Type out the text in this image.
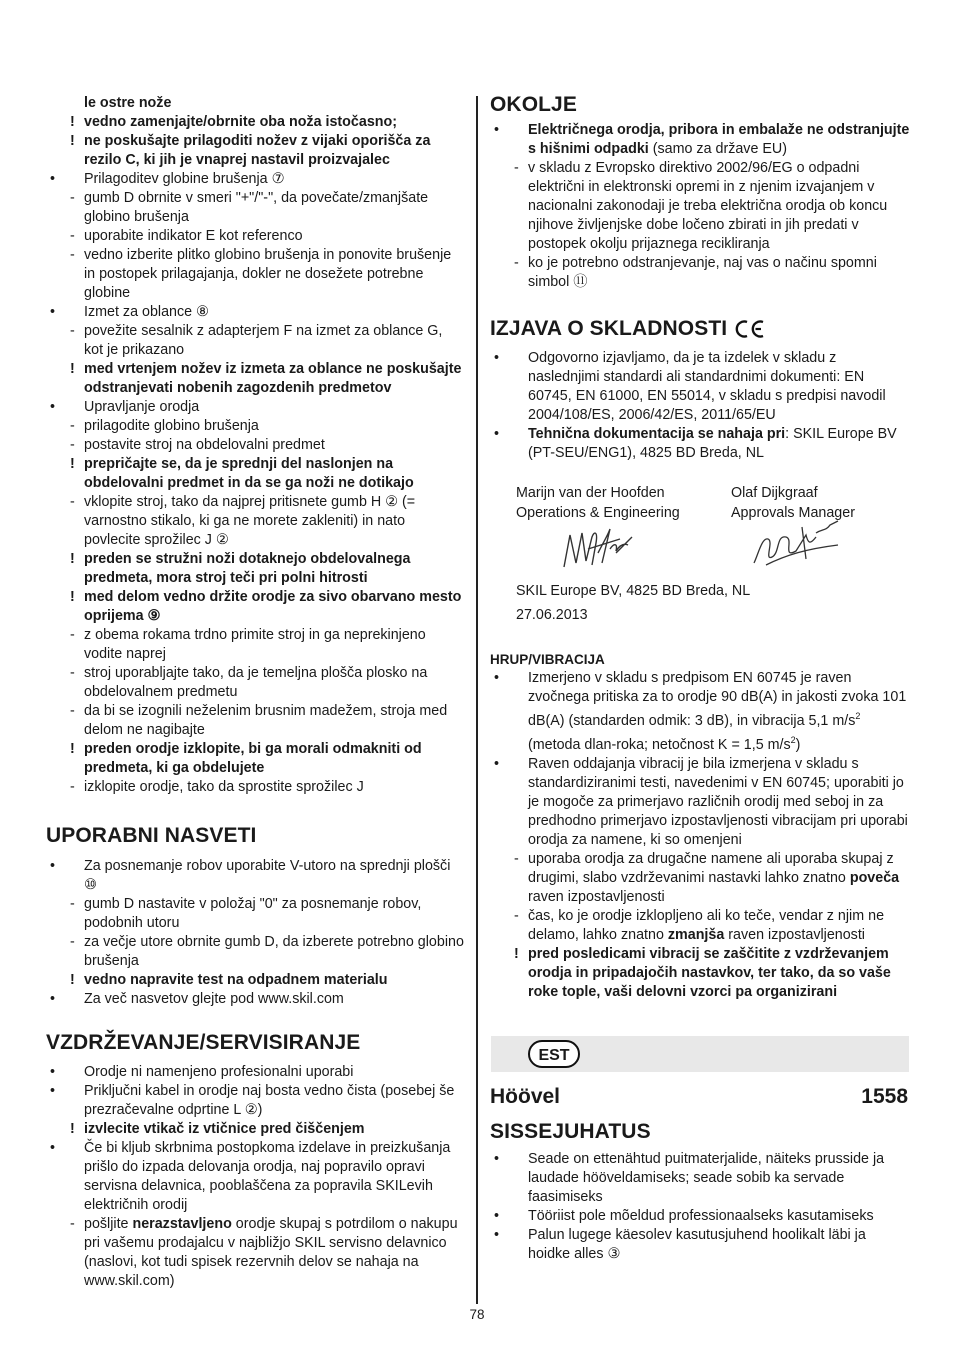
le ostre nože
! vedno zamenjajte/obrnite oba noža istočasno;
! ne poskušajte prilagoditi nožev z vijaki oporišča za rezilo C, ki jih je vnaprej nastavil proizvajalec
•	Prilagoditev globine brušenja ⑦
- gumb D obrnite v smeri "+"/"-", da povečate/zmanjšate globino brušenja
- uporabite indikator E kot referenco
- vedno izberite plitko globino brušenja in ponovite brušenje in postopek prilagajanja, dokler ne dosežete potrebne globine
•	Izmet za oblance ⑧
- povežite sesalnik z adapterjem F na izmet za oblance G, kot je prikazano
! med vrtenjem nožev iz izmeta za oblance ne poskušajte odstranjevati nobenih zagozdenih predmetov
•	Upravljanje orodja
- prilagodite globino brušenja
- postavite stroj na obdelovalni predmet
! prepričajte se, da je sprednji del naslonjen na obdelovalni predmet in da se ga noži ne dotikajo
- vklopite stroj, tako da najprej pritisnete gumb H ② (= varnostno stikalo, ki ga ne morete zakleniti) in nato povlecite sprožilec J ②
! preden se stružni noži dotaknejo obdelovalnega predmeta, mora stroj teči pri polni hitrosti
! med delom vedno držite orodje za sivo obarvano mesto oprijema ⑨
- z obema rokama trdno primite stroj in ga neprekinjeno vodite naprej
- stroj uporabljajte tako, da je temeljna plošča plosko na obdelovalnem predmetu
- da bi se izognili neželenim brusnim madežem, stroja med delom ne nagibajte
! preden orodje izklopite, bi ga morali odmakniti od predmeta, ki ga obdelujete
- izklopite orodje, tako da sprostite sprožilec J
UPORABNI NASVETI
•	Za posnemanje robov uporabite V-utoro na sprednji plošči ⑩
- gumb D nastavite v položaj "0" za posnemanje robov, podobnih utoru
- za večje utore obrnite gumb D, da izberete potrebno globino brušenja
! vedno napravite test na odpadnem materialu
•	Za več nasvetov glejte pod www.skil.com
VZDRŽEVANJE/SERVISIRANJE
•	Orodje ni namenjeno profesionalni uporabi
•	Priključni kabel in orodje naj bosta vedno čista (posebej še prezračevalne odprtine L ②)
! izvlecite vtikač iz vtičnice pred čiščenjem
•	Če bi kljub skrbnima postopkoma izdelave in preizkušanja prišlo do izpada delovanja orodja, naj popravilo opravi servisna delavnica, pooblaščena za popravila SKILevih električnih orodij
- pošljite nerazstavljeno orodje skupaj s potrdilom o nakupu pri vašemu prodajalcu v najbližjo SKIL servisno delavnico (naslovi, kot tudi spisek rezervnih delov se nahaja na www.skil.com)
OKOLJE
•	Električnega orodja, pribora in embalaže ne odstranjujte s hišnimi odpadki (samo za države EU)
- v skladu z Evropsko direktivo 2002/96/EG o odpadni električni in elektronski opremi in z njenim izvajanjem v nacionalni zakonodaji je treba električna orodja ob koncu njihove življenjske dobe ločeno zbirati in jih predati v postopek okolju prijaznega recikliranja
- ko je potrebno odstranjevanje, naj vas o načinu spomni simbol ⑪
IZJAVA O SKLADNOSTI
•	Odgovorno izjavljamo, da je ta izdelek v skladu z naslednjimi standardi ali standardnimi dokumenti: EN 60745, EN 61000, EN 55014, v skladu s predpisi navodil 2004/108/ES, 2006/42/ES, 2011/65/EU
•	Tehnična dokumentacija se nahaja pri: SKIL Europe BV (PT-SEU/ENG1), 4825 BD Breda, NL
Marijn van der Hoofden
Operations & Engineering
Olaf Dijkgraaf
Approvals Manager
SKIL Europe BV, 4825 BD Breda, NL
27.06.2013
HRUP/VIBRACIJA
•	Izmerjeno v skladu s predpisom EN 60745 je raven zvočnega pritiska za to orodje 90 dB(A) in jakosti zvoka 101 dB(A) (standarden odmik: 3 dB), in vibracija 5,1 $m/s^2$ (metoda dlan-roka; netočnost K = 1,5 $m/s^2$)
•	Raven oddajanja vibracij je bila izmerjena v skladu s standardiziranimi testi, navedenimi v EN 60745; uporabiti jo je mogoče za primerjavo različnih orodij med seboj in za predhodno primerjavo izpostavljenosti vibracijam pri uporabi orodja za namene, ki so omenjeni
- uporaba orodja za drugačne namene ali uporaba skupaj z drugimi, slabo vzdrževanimi nastavki lahko znatno poveča raven izpostavljenosti
- čas, ko je orodje izklopljeno ali ko teče, vendar z njim ne delamo, lahko znatno zmanjša raven izpostavljenosti
! pred posledicami vibracij se zaščitite z vzdrževanjem orodja in pripadajočih nastavkov, ter tako, da so vaše roke tople, vaši delovni vzorci pa organizirani
EST
Höövel	1558
SISSEJUHATUS
•	Seade on ettenähtud puitmaterjalide, näiteks prusside ja laudade hööveldamiseks; seade sobib ka servade faasimiseks
•	Tööriist pole mõeldud professionaalseks kasutamiseks
•	Palun lugege käesolev kasutusjuhend hoolikalt läbi ja hoidke alles ③
78
